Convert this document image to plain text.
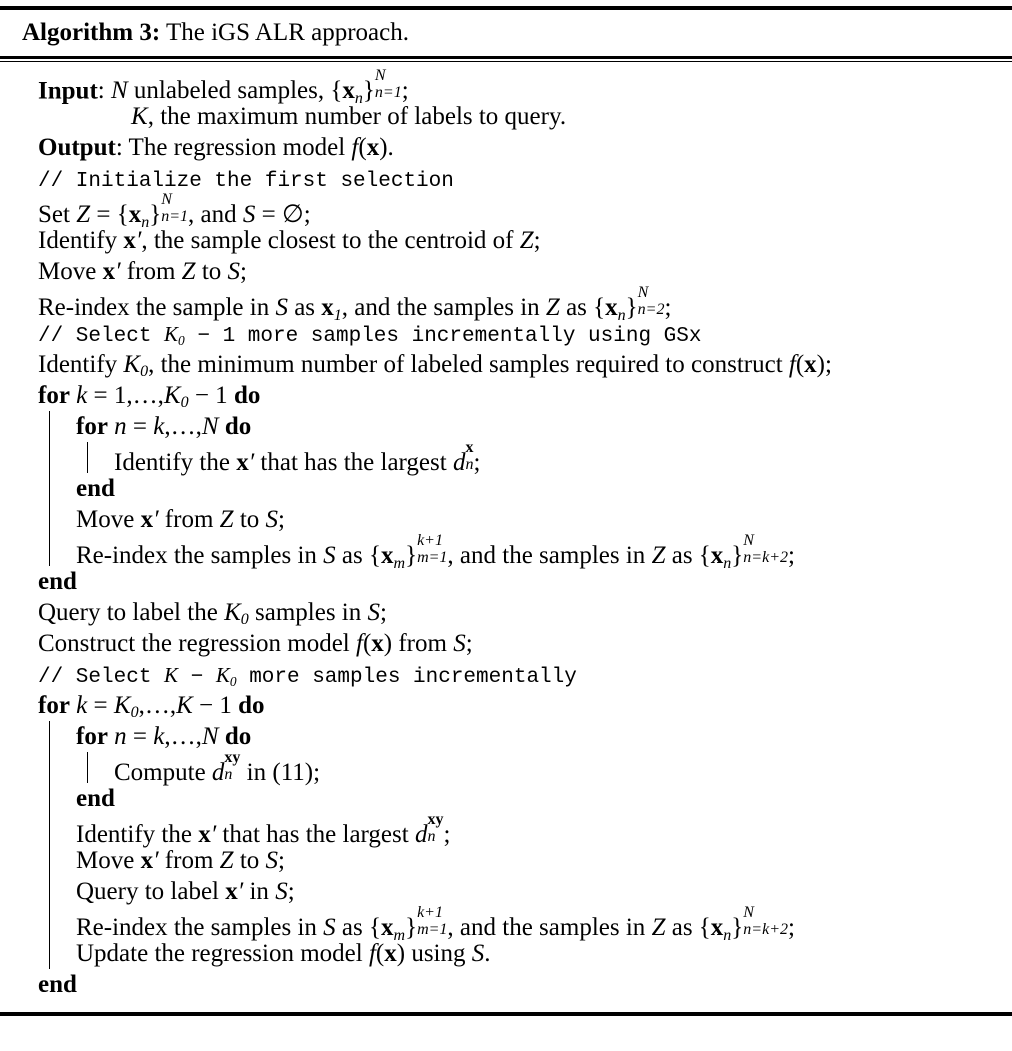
Algorithm 3: The iGS ALR approach.
Input: N unlabeled samples, $\{x_n\}$
N
n=1 ;
K, the maximum number of labels to query.
Output: The regression model f(x).
// Initialize the first selection
Set $Z = \{x_n\}$
N
n=1 , and S = ∅;
Identify x′, the sample closest to the centroid of Z;
Move x′ from Z to S;
Re-index the sample in S as $x_1$, and the samples in Z as $\{x_n\}$
N
n=2 ;
// Select $K_0 - 1$ more samples incrementally using GSx
Identify $K_0$, the minimum number of labeled samples required to construct f(x);
for $k = 1,\dots,K_0 - 1$ do
for n = k,…,N do
Identify the x′ that has the largest d
x
n ;
end
Move x′ from Z to S;
Re-index the samples in S as $\{x_m\}$
k+1
m=1 , and the samples in Z as $\{x_n\}$
N
n=k+2 ;
end
Query to label the $K_0$ samples in S;
Construct the regression model f(x) from S;
// Select $K - K_0$ more samples incrementally
for $k = K_0,\dots,K - 1$ do
for n = k,…,N do
Compute d
xy
n in (11);
end
Identify the x′ that has the largest d
xy
n ;
Move x′ from Z to S;
Query to label x′ in S;
Re-index the samples in S as $\{x_m\}$
k+1
m=1 , and the samples in Z as $\{x_n\}$
N
n=k+2 ;
Update the regression model f(x) using S.
end
